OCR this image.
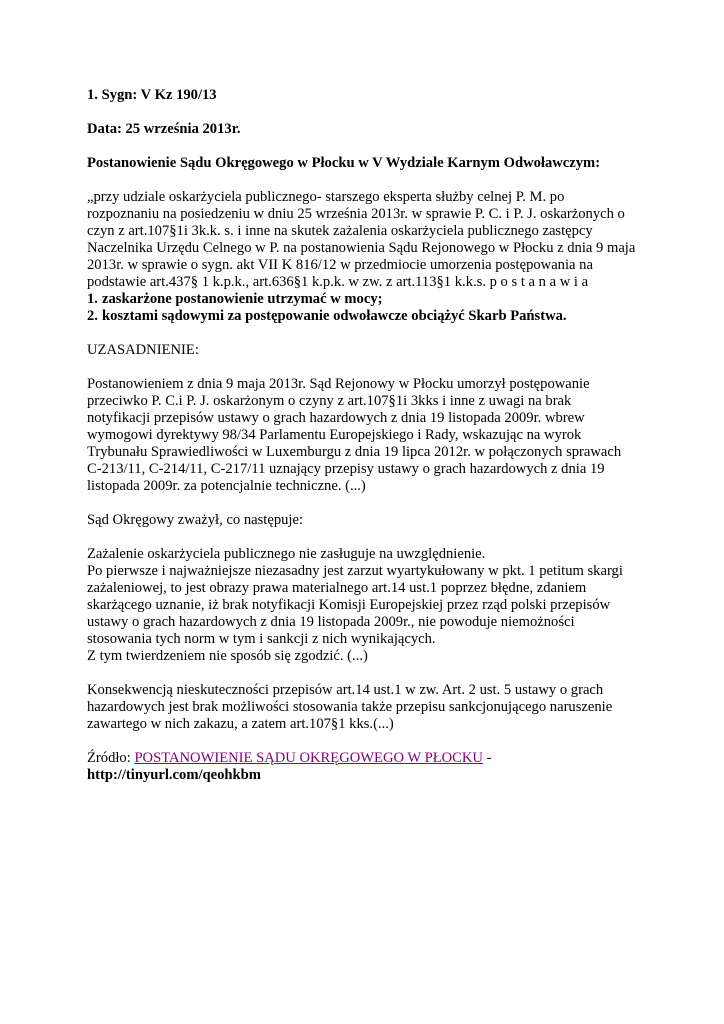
1. Sygn: V Kz 190/13

Data: 25 września 2013r.

Postanowienie Sądu Okręgowego w Płocku w V Wydziale Karnym Odwoławczym:

„przy udziale oskarżyciela publicznego- starszego eksperta służby celnej P. M. po
rozpoznaniu na posiedzeniu w dniu 25 września 2013r. w sprawie P. C. i P. J. oskarżonych o
czyn z art.107§1i 3k.k. s. i inne na skutek zażalenia oskarżyciela publicznego zastępcy
Naczelnika Urzędu Celnego w P. na postanowienia Sądu Rejonowego w Płocku z dnia 9 maja
2013r. w sprawie o sygn. akt VII K 816/12 w przedmiocie umorzenia postępowania na
podstawie art.437§ 1 k.p.k., art.636§1 k.p.k. w zw. z art.113§1 k.k.s. p o s t a n a w i a

1. zaskarżone postanowienie utrzymać w mocy;
2. kosztami sądowymi za postępowanie odwoławcze obciążyć Skarb Państwa.

UZASADNIENIE:

Postanowieniem z dnia 9 maja 2013r. Sąd Rejonowy w Płocku umorzył postępowanie
przeciwko P. C.i P. J. oskarżonym o czyny z art.107§1i 3kks i inne z uwagi na brak
notyfikacji przepisów ustawy o grach hazardowych z dnia 19 listopada 2009r. wbrew
wymogowi dyrektywy 98/34 Parlamentu Europejskiego i Rady, wskazując na wyrok
Trybunału Sprawiedliwości w Luxemburgu z dnia 19 lipca 2012r. w połączonych sprawach
C-213/11, C-214/11, C-217/11 uznający przepisy ustawy o grach hazardowych z dnia 19
listopada 2009r. za potencjalnie techniczne. (...)

Sąd Okręgowy zważył, co następuje:

Zażalenie oskarżyciela publicznego nie zasługuje na uwzględnienie.
Po pierwsze i najważniejsze niezasadny jest zarzut wyartykułowany w pkt. 1 petitum skargi
zażaleniowej, to jest obrazy prawa materialnego art.14 ust.1 poprzez błędne, zdaniem
skarżącego uznanie, iż brak notyfikacji Komisji Europejskiej przez rząd polski przepisów
ustawy o grach hazardowych z dnia 19 listopada 2009r., nie powoduje niemożności
stosowania tych norm w tym i sankcji z nich wynikających.
Z tym twierdzeniem nie sposób się zgodzić. (...)

Konsekwencją nieskuteczności przepisów art.14 ust.1 w zw. Art. 2 ust. 5 ustawy o grach
hazardowych jest brak możliwości stosowania także przepisu sankcjonującego naruszenie
zawartego w nich zakazu, a zatem art.107§1 kks.(...)

Źródło: POSTANOWIENIE SĄDU OKRĘGOWEGO W PŁOCKU -

http://tinyurl.com/qeohkbm
